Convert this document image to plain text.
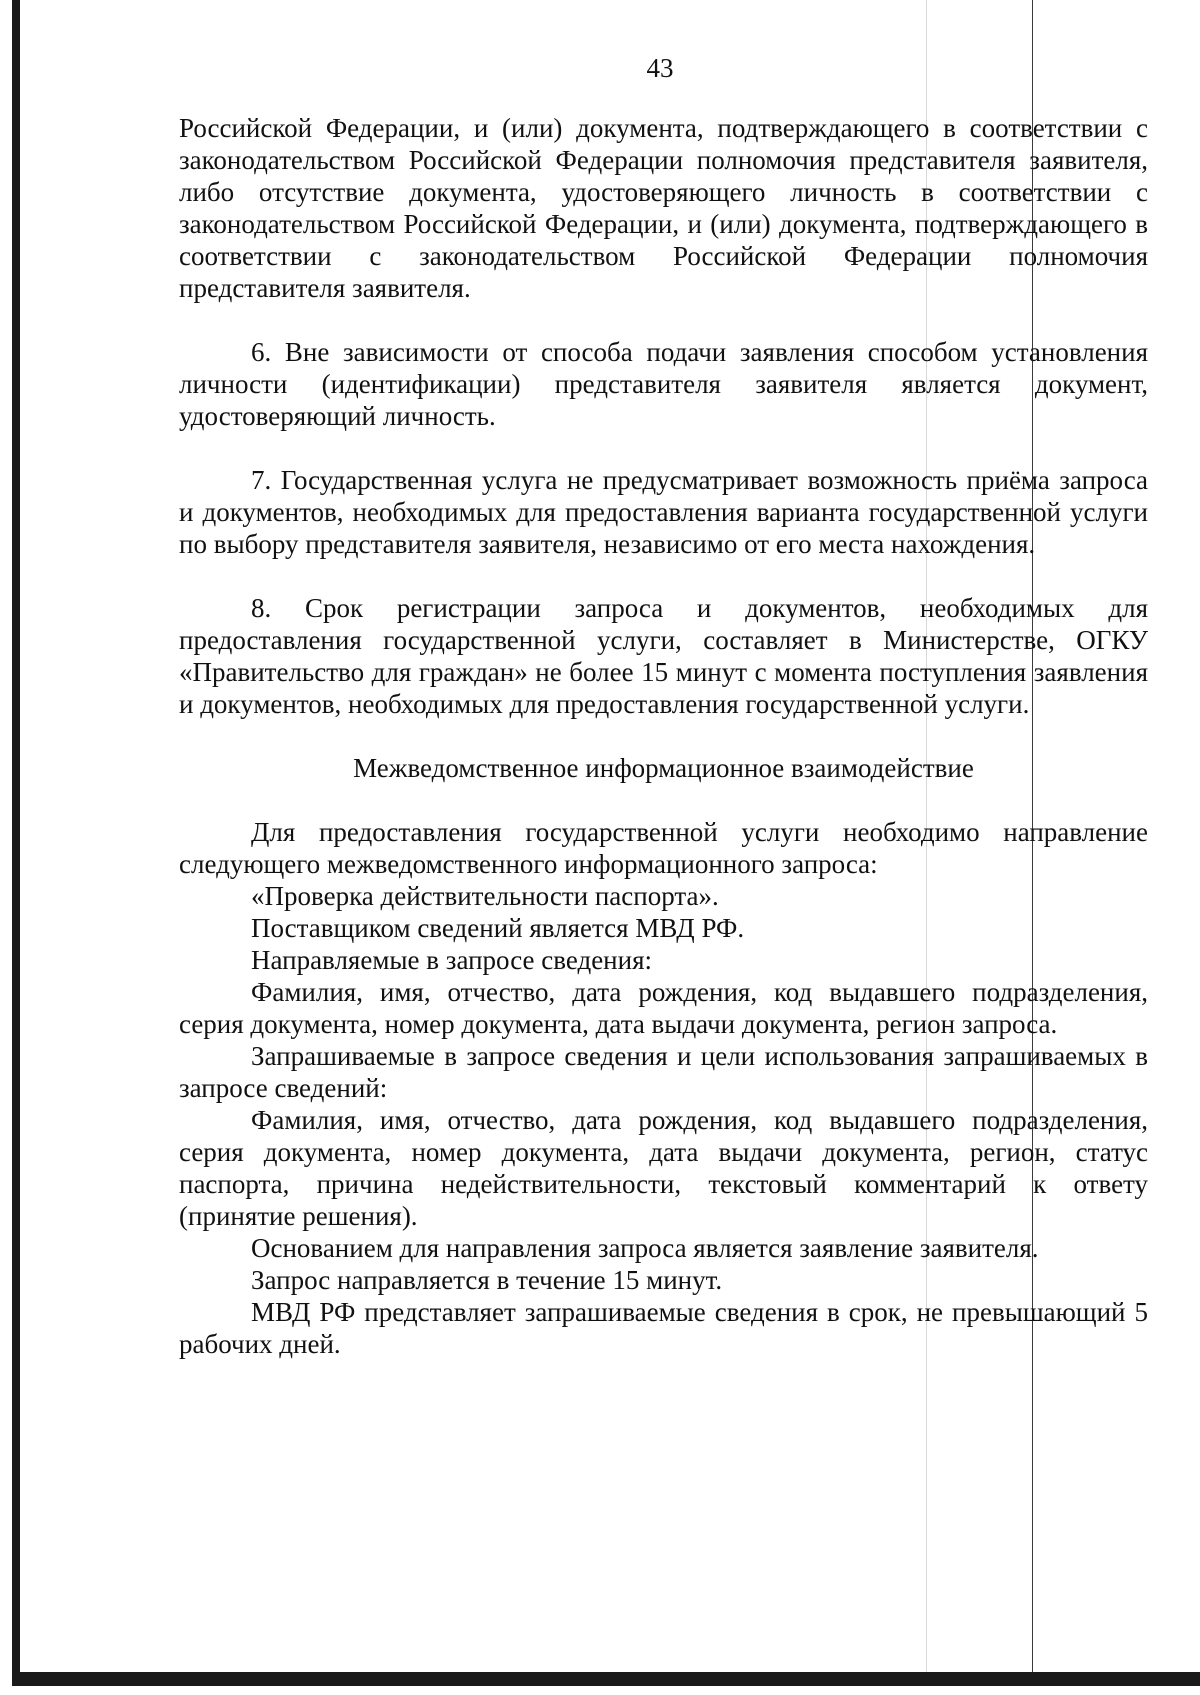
43

Российской Федерации, и (или) документа, подтверждающего в соответствии с законодательством Российской Федерации полномочия представителя заявителя, либо отсутствие документа, удостоверяющего личность в соответствии с законодательством Российской Федерации, и (или) документа, подтверждающего в соответствии с законодательством Российской Федерации полномочия представителя заявителя.

6. Вне зависимости от способа подачи заявления способом установления личности (идентификации) представителя заявителя является документ, удостоверяющий личность.

7. Государственная услуга не предусматривает возможность приёма запроса и документов, необходимых для предоставления варианта государственной услуги по выбору представителя заявителя, независимо от его места нахождения.

8. Срок регистрации запроса и документов, необходимых для предоставления государственной услуги, составляет в Министерстве, ОГКУ «Правительство для граждан» не более 15 минут с момента поступления заявления и документов, необходимых для предоставления государственной услуги.

Межведомственное информационное взаимодействие

Для предоставления государственной услуги необходимо направление следующего межведомственного информационного запроса:

«Проверка действительности паспорта».

Поставщиком сведений является МВД РФ.

Направляемые в запросе сведения:

Фамилия, имя, отчество, дата рождения, код выдавшего подразделения, серия документа, номер документа, дата выдачи документа, регион запроса.

Запрашиваемые в запросе сведения и цели использования запрашиваемых в запросе сведений:

Фамилия, имя, отчество, дата рождения, код выдавшего подразделения, серия документа, номер документа, дата выдачи документа, регион, статус паспорта, причина недействительности, текстовый комментарий к ответу (принятие решения).

Основанием для направления запроса является заявление заявителя.

Запрос направляется в течение 15 минут.

МВД РФ представляет запрашиваемые сведения в срок, не превышающий 5 рабочих дней.
